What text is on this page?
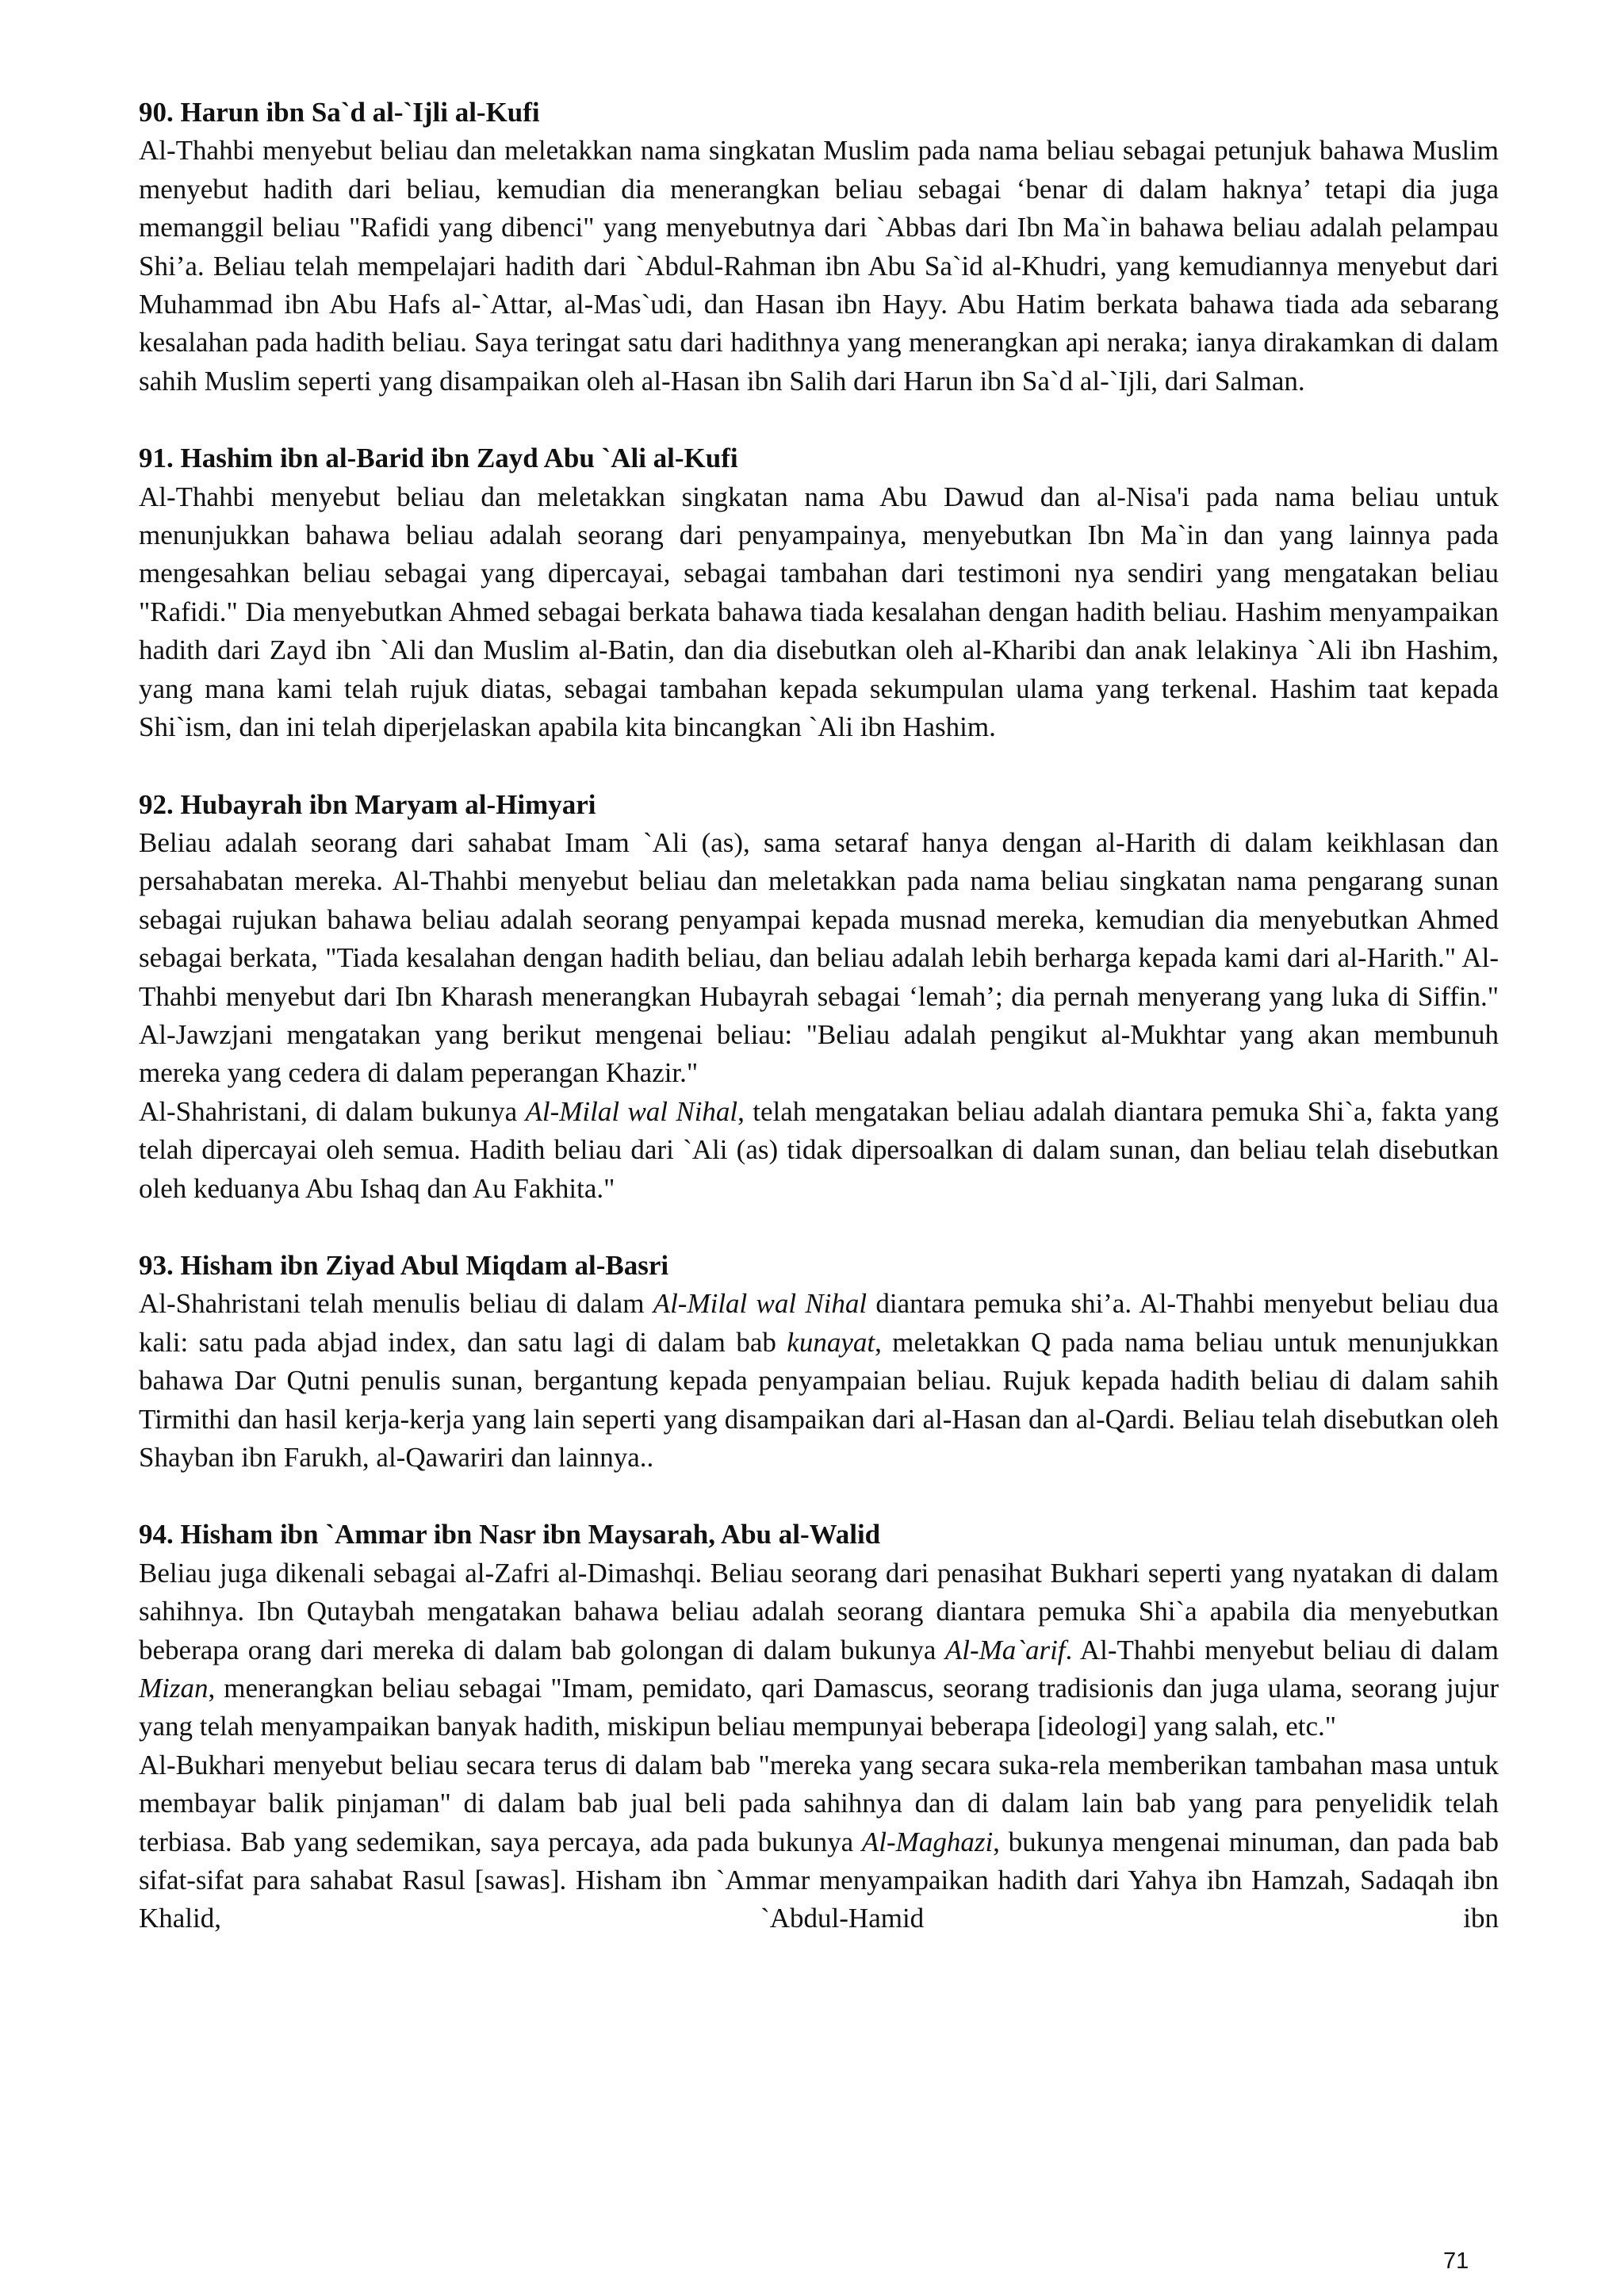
90. Harun ibn Sa`d al-`Ijli al-Kufi

Al-Thahbi menyebut beliau dan meletakkan nama singkatan Muslim pada nama beliau sebagai petunjuk bahawa Muslim menyebut hadith dari beliau, kemudian dia menerangkan beliau sebagai ‘benar di dalam haknya’ tetapi dia juga memanggil beliau "Rafidi yang dibenci" yang menyebutnya dari `Abbas dari Ibn Ma`in bahawa beliau adalah pelampau Shi’a. Beliau telah mempelajari hadith dari `Abdul-Rahman ibn Abu Sa`id al-Khudri, yang kemudiannya menyebut dari Muhammad ibn Abu Hafs al-`Attar, al-Mas`udi, dan Hasan ibn Hayy. Abu Hatim berkata bahawa tiada ada sebarang kesalahan pada hadith beliau. Saya teringat satu dari hadithnya yang menerangkan api neraka; ianya dirakamkan di dalam sahih Muslim seperti yang disampaikan oleh al-Hasan ibn Salih dari Harun ibn Sa`d al-`Ijli, dari Salman.

91. Hashim ibn al-Barid ibn Zayd Abu `Ali al-Kufi

Al-Thahbi menyebut beliau dan meletakkan singkatan nama Abu Dawud dan al-Nisa'i pada nama beliau untuk menunjukkan bahawa beliau adalah seorang dari penyampainya, menyebutkan Ibn Ma`in dan yang lainnya pada mengesahkan beliau sebagai yang dipercayai, sebagai tambahan dari testimoni nya sendiri yang mengatakan beliau "Rafidi." Dia menyebutkan Ahmed sebagai berkata bahawa tiada kesalahan dengan hadith beliau. Hashim menyampaikan hadith dari Zayd ibn `Ali dan Muslim al-Batin, dan dia disebutkan oleh al-Kharibi dan anak lelakinya `Ali ibn Hashim, yang mana kami telah rujuk diatas, sebagai tambahan kepada sekumpulan ulama yang terkenal. Hashim taat kepada Shi`ism, dan ini telah diperjelaskan apabila kita bincangkan `Ali ibn Hashim.

92. Hubayrah ibn Maryam al-Himyari

Beliau adalah seorang dari sahabat Imam `Ali (as), sama setaraf hanya dengan al-Harith di dalam keikhlasan dan persahabatan mereka. Al-Thahbi menyebut beliau dan meletakkan pada nama beliau singkatan nama pengarang sunan sebagai rujukan bahawa beliau adalah seorang penyampai kepada musnad mereka, kemudian dia menyebutkan Ahmed sebagai berkata, "Tiada kesalahan dengan hadith beliau, dan beliau adalah lebih berharga kepada kami dari al-Harith." Al-Thahbi menyebut dari Ibn Kharash menerangkan Hubayrah sebagai ‘lemah’; dia pernah menyerang yang luka di Siffin." Al-Jawzjani mengatakan yang berikut mengenai beliau: "Beliau adalah pengikut al-Mukhtar yang akan membunuh mereka yang cedera di dalam peperangan Khazir."

Al-Shahristani, di dalam bukunya Al-Milal wal Nihal, telah mengatakan beliau adalah diantara pemuka Shi`a, fakta yang telah dipercayai oleh semua. Hadith beliau dari `Ali (as) tidak dipersoalkan di dalam sunan, dan beliau telah disebutkan oleh keduanya Abu Ishaq dan Au Fakhita."

93. Hisham ibn Ziyad Abul Miqdam al-Basri

Al-Shahristani telah menulis beliau di dalam Al-Milal wal Nihal diantara pemuka shi’a. Al-Thahbi menyebut beliau dua kali: satu pada abjad index, dan satu lagi di dalam bab kunayat, meletakkan Q pada nama beliau untuk menunjukkan bahawa Dar Qutni penulis sunan, bergantung kepada penyampaian beliau. Rujuk kepada hadith beliau di dalam sahih Tirmithi dan hasil kerja-kerja yang lain seperti yang disampaikan dari al-Hasan dan al-Qardi. Beliau telah disebutkan oleh Shayban ibn Farukh, al-Qawariri dan lainnya..

94. Hisham ibn `Ammar ibn Nasr ibn Maysarah, Abu al-Walid

Beliau juga dikenali sebagai al-Zafri al-Dimashqi. Beliau seorang dari penasihat Bukhari seperti yang nyatakan di dalam sahihnya. Ibn Qutaybah mengatakan bahawa beliau adalah seorang diantara pemuka Shi`a apabila dia menyebutkan beberapa orang dari mereka di dalam bab golongan di dalam bukunya Al-Ma`arif. Al-Thahbi menyebut beliau di dalam Mizan, menerangkan beliau sebagai "Imam, pemidato, qari Damascus, seorang tradisionis dan juga ulama, seorang jujur yang telah menyampaikan banyak hadith, miskipun beliau mempunyai beberapa [ideologi] yang salah, etc."

Al-Bukhari menyebut beliau secara terus di dalam bab "mereka yang secara suka-rela memberikan tambahan masa untuk membayar balik pinjaman" di dalam bab jual beli pada sahihnya dan di dalam lain bab yang para penyelidik telah terbiasa. Bab yang sedemikan, saya percaya, ada pada bukunya Al-Maghazi, bukunya mengenai minuman, dan pada bab sifat-sifat para sahabat Rasul [sawas]. Hisham ibn `Ammar menyampaikan hadith dari Yahya ibn Hamzah, Sadaqah ibn Khalid, `Abdul-Hamid ibn

71
